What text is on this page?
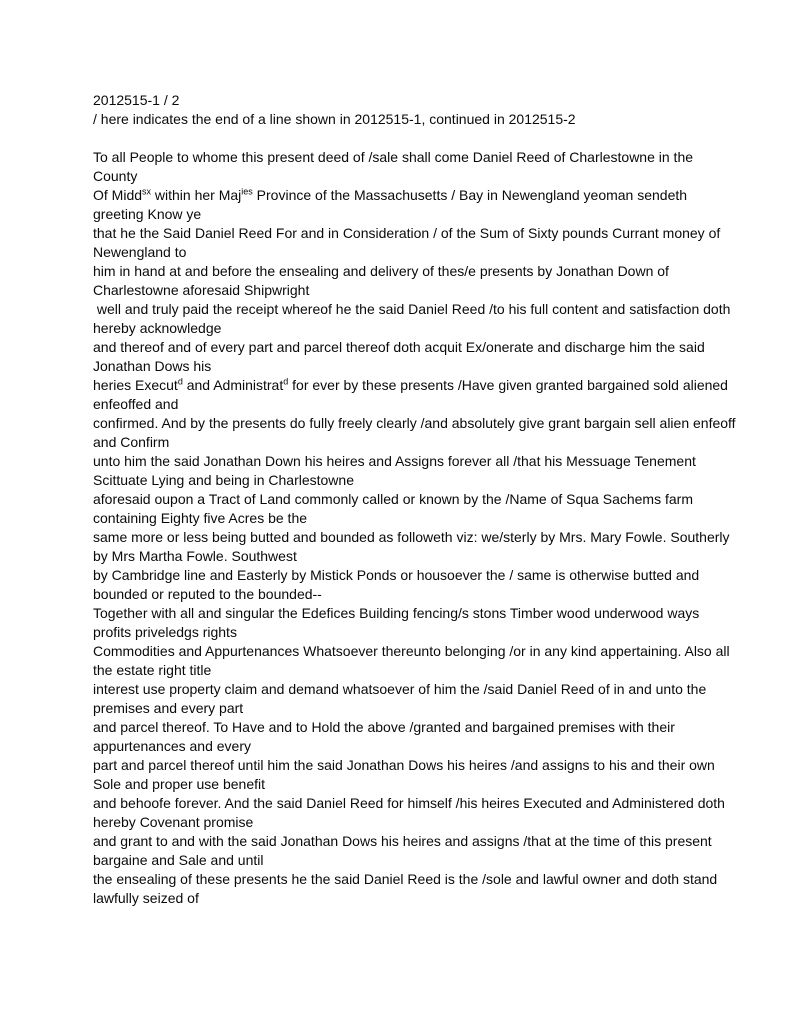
2012515-1 / 2

/ here indicates the end of a line shown in 2012515-1, continued in 2012515-2

To all People to whome this present deed of /sale shall come Daniel Reed of Charlestowne in the County

Of Midd$^{sx}$ within her Maj$^{ies}$ Province of the Massachusetts / Bay in Newengland yeoman sendeth greeting Know ye

that he the Said Daniel Reed For and in Consideration / of the Sum of Sixty pounds Currant money of Newengland to

him in hand at and before the ensealing and delivery of thes/e presents by Jonathan Down of Charlestowne aforesaid Shipwright

well and truly paid the receipt whereof he the said Daniel Reed /to his full content and satisfaction doth hereby acknowledge

and thereof and of every part and parcel thereof doth acquit Ex/onerate and discharge him the said Jonathan Dows his

heries Execut$^d$ and Administrat$^d$ for ever by these presents /Have given granted bargained sold aliened enfeoffed and

confirmed. And by the presents do fully freely clearly /and absolutely give grant bargain sell alien enfeoff and Confirm

unto him the said Jonathan Down his heires and Assigns forever all /that his Messuage Tenement Scittuate Lying and being in Charlestowne

aforesaid oupon a Tract of Land commonly called or known by the /Name of Squa Sachems farm containing Eighty five Acres be the

same more or less being butted and bounded as followeth viz: we/sterly by Mrs. Mary Fowle. Southerly by Mrs Martha Fowle. Southwest

by Cambridge line and Easterly by Mistick Ponds or housoever the / same is otherwise butted and bounded or reputed to the bounded--

Together with all and singular the Edefices Building fencing/s stons Timber wood underwood ways profits priveledgs rights

Commodities and Appurtenances Whatsoever thereunto belonging /or in any kind appertaining. Also all the estate right title

interest use property claim and demand whatsoever of him the /said Daniel Reed of in and unto the premises and every part

and parcel thereof. To Have and to Hold the above /granted and bargained premises with their appurtenances and every

part and parcel thereof until him the said Jonathan Dows his heires /and assigns to his and their own Sole and proper use benefit

and behoofe forever. And the said Daniel Reed for himself /his heires Executed and Administered doth hereby Covenant promise

and grant to and with the said Jonathan Dows his heires and assigns /that at the time of this present bargaine and Sale and until

the ensealing of these presents he the said Daniel Reed is the /sole and lawful owner and doth stand lawfully seized of
